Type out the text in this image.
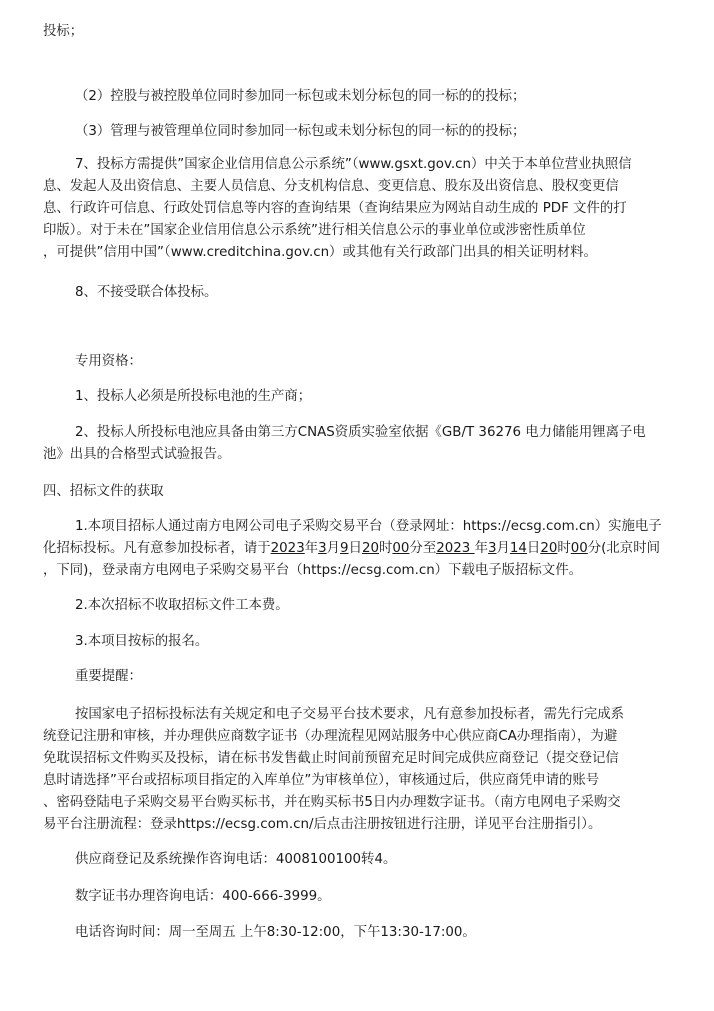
投标；
（2）控股与被控股单位同时参加同一标包或未划分标包的同一标的的投标；
（3）管理与被管理单位同时参加同一标包或未划分标包的同一标的的投标；
7、投标方需提供”国家企业信用信息公示系统”（www.gsxt.gov.cn）中关于本单位营业执照信
息、发起人及出资信息、主要人员信息、分支机构信息、变更信息、股东及出资信息、股权变更信
息、行政许可信息、行政处罚信息等内容的查询结果（查询结果应为网站自动生成的 PDF 文件的打
印版）。对于未在”国家企业信用信息公示系统”进行相关信息公示的事业单位或涉密性质单位
，可提供”信用中国”（www.creditchina.gov.cn）或其他有关行政部门出具的相关证明材料。
8、不接受联合体投标。
专用资格：
1、投标人必须是所投标电池的生产商；
2、投标人所投标电池应具备由第三方CNAS资质实验室依据《GB/T 36276 电力储能用锂离子电
池》出具的合格型式试验报告。
四、招标文件的获取
1.本项目招标人通过南方电网公司电子采购交易平台（登录网址：https://ecsg.com.cn）实施电子
化招标投标。凡有意参加投标者，请于2023年3月9日20时00分至2023 年3月14日20时00分(北京时间
，下同)，登录南方电网电子采购交易平台（https://ecsg.com.cn）下载电子版招标文件。
2.本次招标不收取招标文件工本费。
3.本项目按标的报名。
重要提醒：
按国家电子招标投标法有关规定和电子交易平台技术要求，凡有意参加投标者，需先行完成系
统登记注册和审核，并办理供应商数字证书（办理流程见网站服务中心供应商CA办理指南），为避
免耽误招标文件购买及投标，请在标书发售截止时间前预留充足时间完成供应商登记（提交登记信
息时请选择”平台或招标项目指定的入库单位”为审核单位），审核通过后，供应商凭申请的账号
、密码登陆电子采购交易平台购买标书，并在购买标书5日内办理数字证书。（南方电网电子采购交
易平台注册流程：登录https://ecsg.com.cn/后点击注册按钮进行注册，详见平台注册指引）。
供应商登记及系统操作咨询电话：4008100100转4。
数字证书办理咨询电话：400-666-3999。
电话咨询时间：周一至周五 上午8:30-12:00，下午13:30-17:00。
